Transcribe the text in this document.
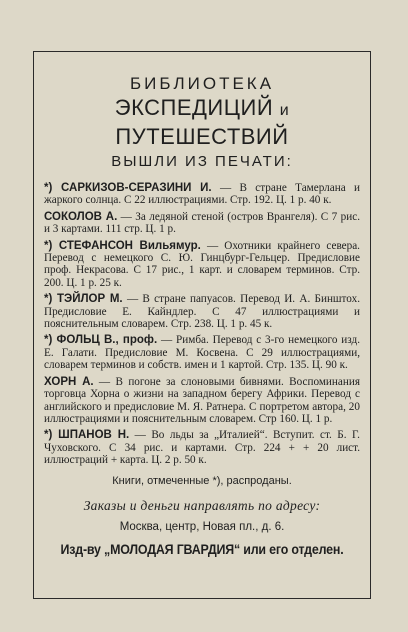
БИБЛИОТЕКА
ЭКСПЕДИЦИЙ и ПУТЕШЕСТВИЙ
ВЫШЛИ ИЗ ПЕЧАТИ:
*) САРКИЗОВ-СЕРАЗИНИ И. — В стране Тамерлана и жаркого солнца. С 22 иллюстрациями. Стр. 192. Ц. 1 р. 40 к.
СОКОЛОВ А. — За ледяной стеной (остров Врангеля). С 7 рис. и 3 картами. 111 стр. Ц. 1 р.
*) СТЕФАНСОН Вильямур. — Охотники крайнего севера. Перевод с немецкого С. Ю. Гинцбург-Гельцер. Предисловие проф. Некрасова. С 17 рис., 1 карт. и словарем терминов. Стр. 200. Ц. 1 р. 25 к.
*) ТЭЙЛОР М. — В стране папуасов. Перевод И. А. Бинштох. Предисловие Е. Кайндлер. С 47 иллюстрациями и пояснительным словарем. Стр. 238. Ц. 1 р. 45 к.
*) ФОЛЬЦ В., проф. — Римба. Перевод с 3-го немецкого изд. Е. Галати. Предисловие М. Косвена. С 29 иллюстрациями, словарем терминов и собств. имен и 1 картой. Стр. 135. Ц. 90 к.
ХОРН А. — В погоне за слоновыми бивнями. Воспоминания торговца Хорна о жизни на западном берегу Африки. Перевод с английского и предисловие М. Я. Ратнера. С портретом автора, 20 иллюстрациями и пояснительным словарем. Стр 160. Ц. 1 р.
*) ШПАНОВ Н. — Во льды за „Италией“. Вступит. ст. Б. Г. Чуховского. С 34 рис. и картами. Стр. 224 + + 20 лист. иллюстраций + карта. Ц. 2 р. 50 к.
Книги, отмеченные *), распроданы.
Заказы и деньги направлять по адресу:
Москва, центр, Новая пл., д. 6.
Изд-ву „МОЛОДАЯ ГВАРДИЯ“ или его отделен.
